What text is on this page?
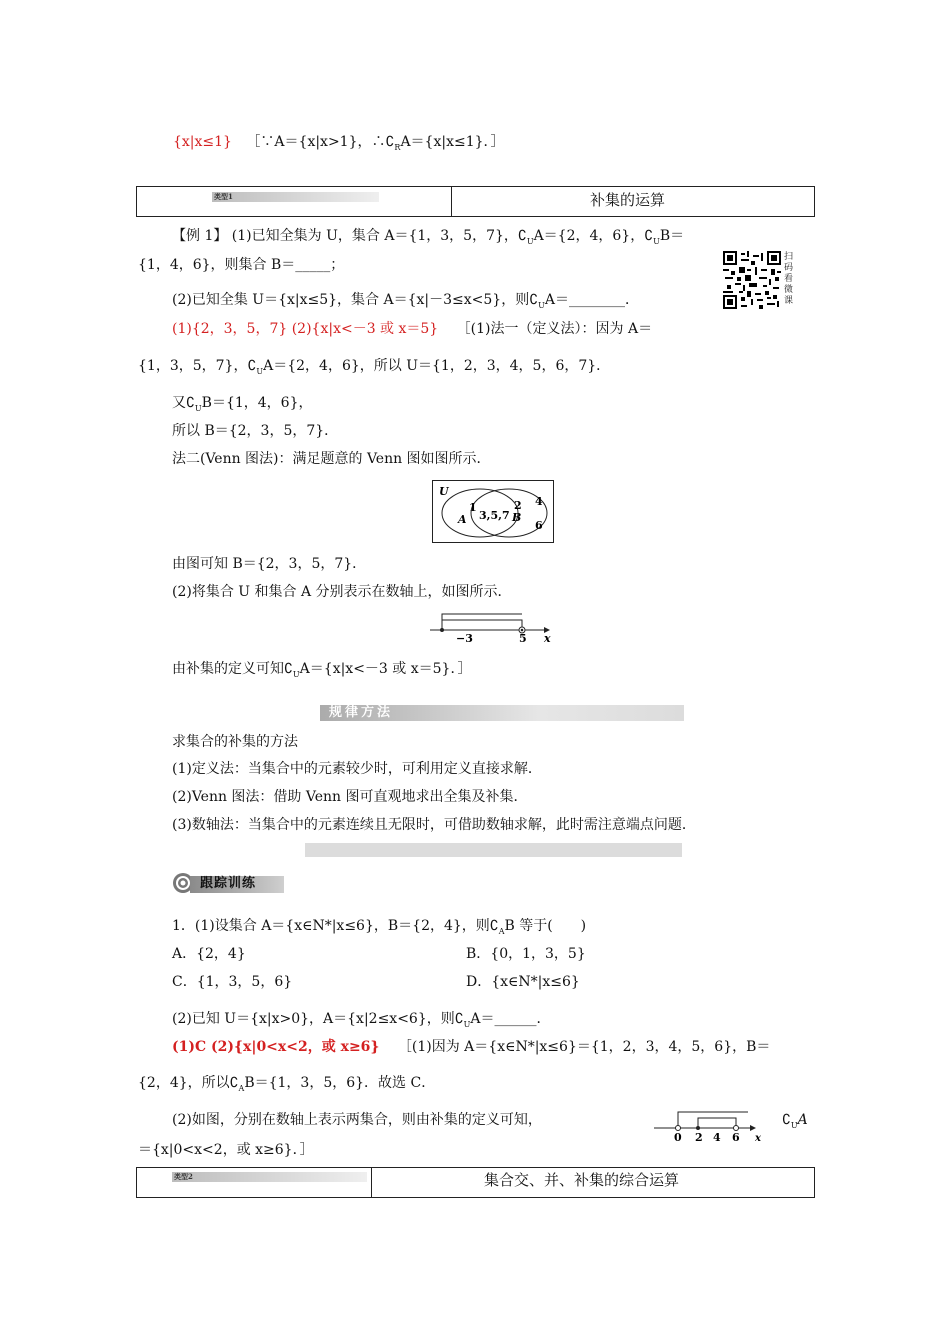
{x|x≤1} ［∵A＝{x|x>1}，$\therefore∁_RA=\{x|x\le 1\}$．］
类型1	补集的运算
【例 1】 (1)已知全集为 U，集合 A＝{1，3，5，7}，$∁_UA=\{2$，4，6}，$∁_UB=$
{1，4，6}，则集合 B＝_____；	扫码看微课
(2)已知全集 U＝{x|x≤5}，集合 A＝{x|－3≤x<5}，则$∁_UA=\_\_\_\_\_\_\_\_$．
(1){2，3，5，7} (2){x|x<－3 或 x＝5} ［(1)法一（定义法）：因为 A＝
{1，3，5，7}，$∁_UA=\{2$，4，6}，所以 U＝{1，2，3，4，5，6，7}．
又$∁_UB=\{1$，4，6}，
所以 B＝{2，3，5，7}．
法二(Venn 图法)：满足题意的 Venn 图如图所示．
U
1
A 3,5,7
2
B
4
6
由图可知 B＝{2，3，5，7}．
(2)将集合 U 和集合 A 分别表示在数轴上，如图所示．
−3	5 x
由补集的定义可知$∁_UA=\{x|x<-3$ 或 x＝5}．］
规律方法
求集合的补集的方法
(1)定义法：当集合中的元素较少时，可利用定义直接求解．
(2)Venn 图法：借助 Venn 图可直观地求出全集及补集．
(3)数轴法：当集合中的元素连续且无限时，可借助数轴求解，此时需注意端点问题．
跟踪训练
1．(1)设集合 A＝{x∈N*|x≤6}，B＝{2，4}，则$∁_AB$ 等于(　　)
A．{2，4}	B．{0，1，3，5}
C．{1，3，5，6}	D．{x∈N*|x≤6}
(2)已知 U＝{x|x>0}，A＝{x|2≤x<6}，则$∁_UA=\_\_\_\_\_\_$．
(1)C (2){x|0<x<2，或 x≥6} ［(1)因为 A＝{x∈N*|x≤6}＝{1，2，3，4，5，6}，B＝
{2，4}，所以$∁_AB=\{1$，3，5，6}．故选 C．
(2)如图，分别在数轴上表示两集合，则由补集的定义可知，
0 2 4 6 x
$∁_UA$
＝{x|0<x<2，或 x≥6}．］
类型2	集合交、并、补集的综合运算
